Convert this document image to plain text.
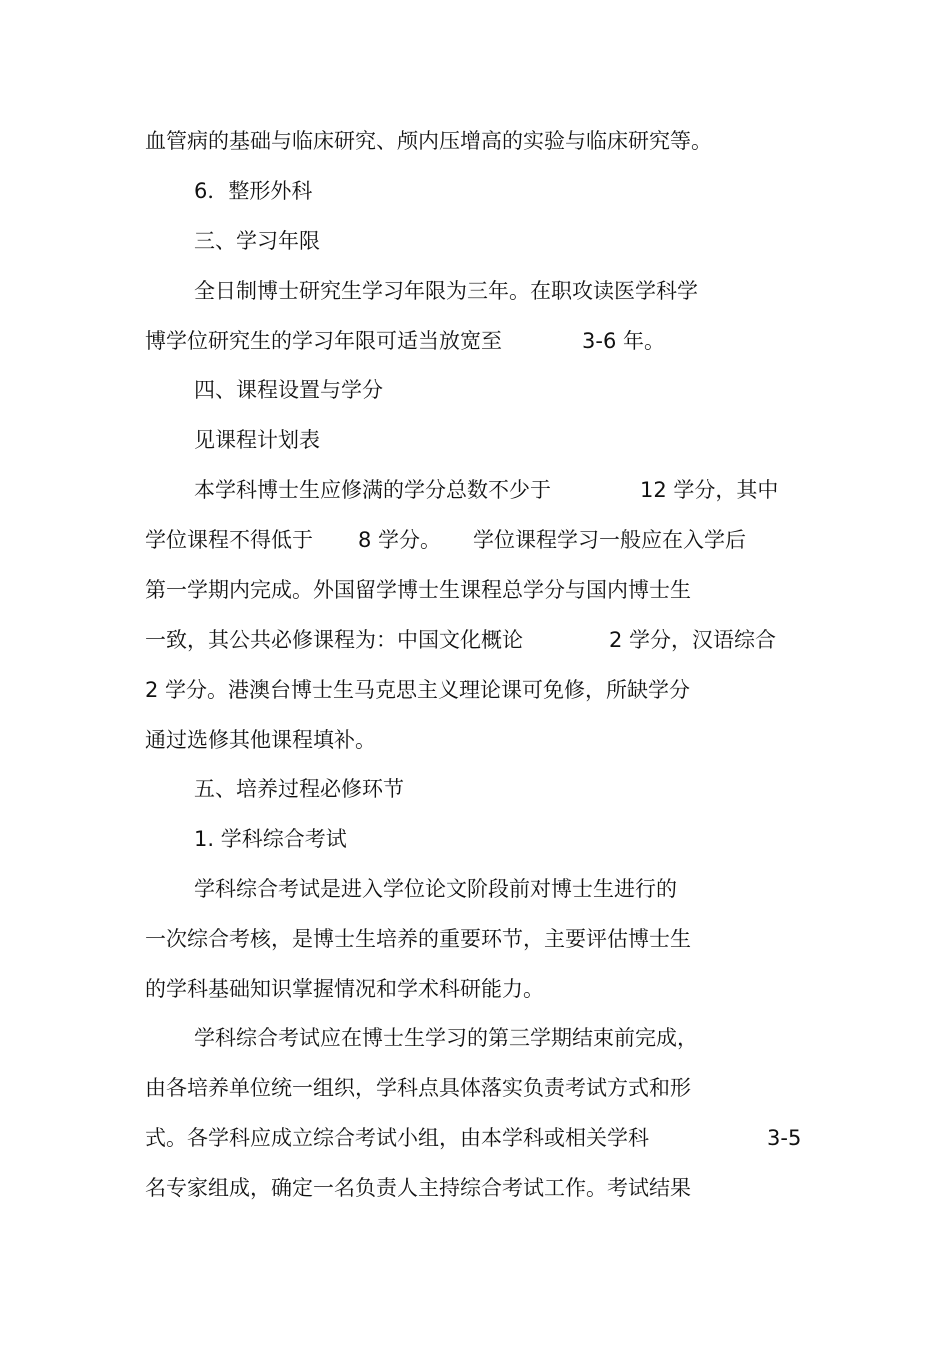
血管病的基础与临床研究、颅内压增高的实验与临床研究等。
6．整形外科
三、学习年限
全日制博士研究生学习年限为三年。在职攻读医学科学
博学位研究生的学习年限可适当放宽至	3-6 年。
四、课程设置与学分
见课程计划表
本学科博士生应修满的学分总数不少于	12 学分，其中
学位课程不得低于 8 学分。 学位课程学习一般应在入学后
第一学期内完成。外国留学博士生课程总学分与国内博士生
一致，其公共必修课程为：中国文化概论	2 学分，汉语综合
2 学分。港澳台博士生马克思主义理论课可免修，所缺学分
通过选修其他课程填补。
五、培养过程必修环节
1. 学科综合考试
学科综合考试是进入学位论文阶段前对博士生进行的
一次综合考核，是博士生培养的重要环节，主要评估博士生
的学科基础知识掌握情况和学术科研能力。
学科综合考试应在博士生学习的第三学期结束前完成，
由各培养单位统一组织，学科点具体落实负责考试方式和形
式。各学科应成立综合考试小组，由本学科或相关学科	3-5
名专家组成，确定一名负责人主持综合考试工作。考试结果
